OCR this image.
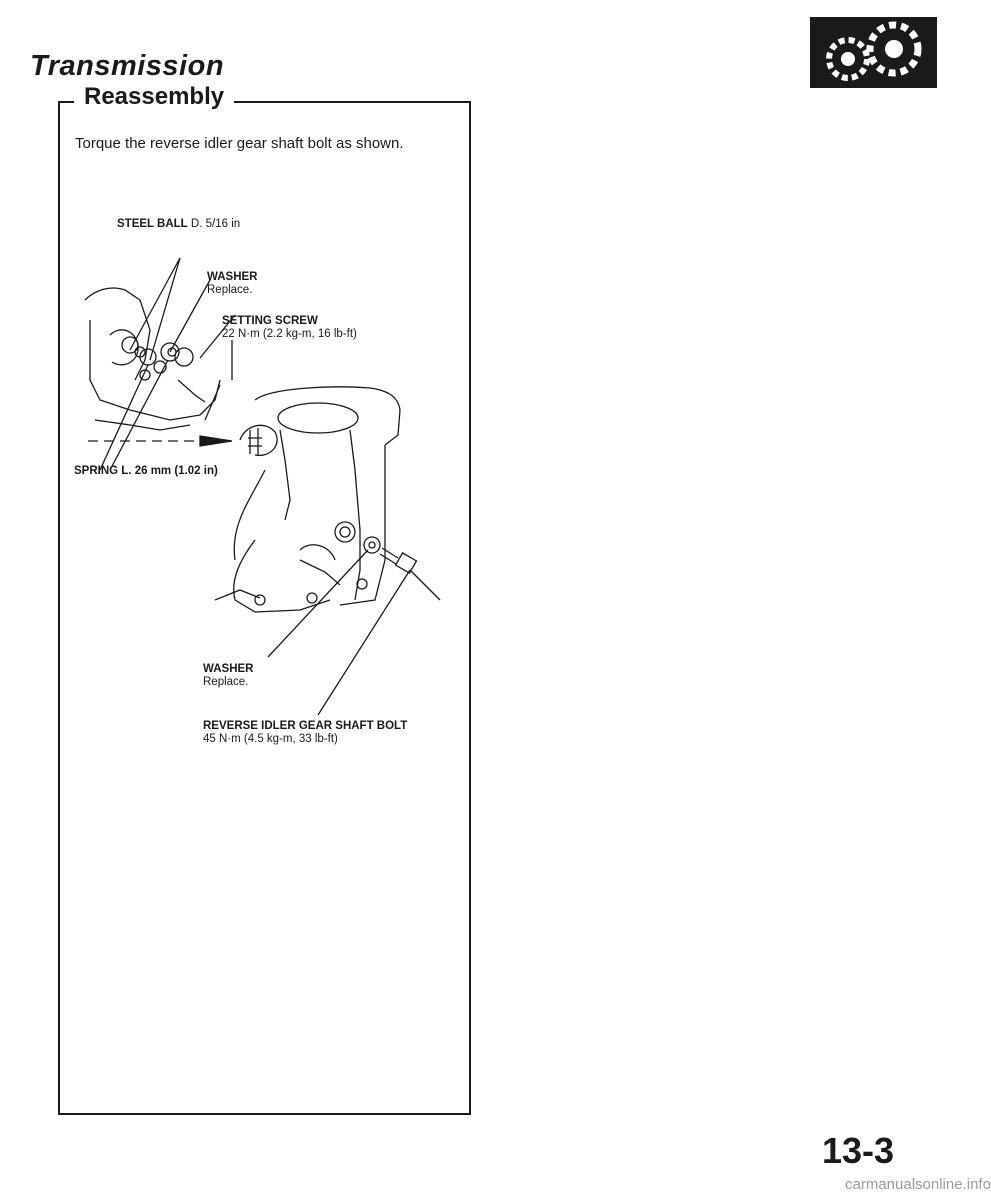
Transmission
Reassembly
Torque the reverse idler gear shaft bolt as shown.
STEEL BALL D. 5/16 in
WASHER
Replace.
SETTING SCREW
22 N·m (2.2 kg-m, 16 lb-ft)
SPRING L. 26 mm (1.02 in)
WASHER
Replace.
REVERSE IDLER GEAR SHAFT BOLT
45 N·m (4.5 kg-m, 33 lb-ft)
13-3
carmanualsonline.info
